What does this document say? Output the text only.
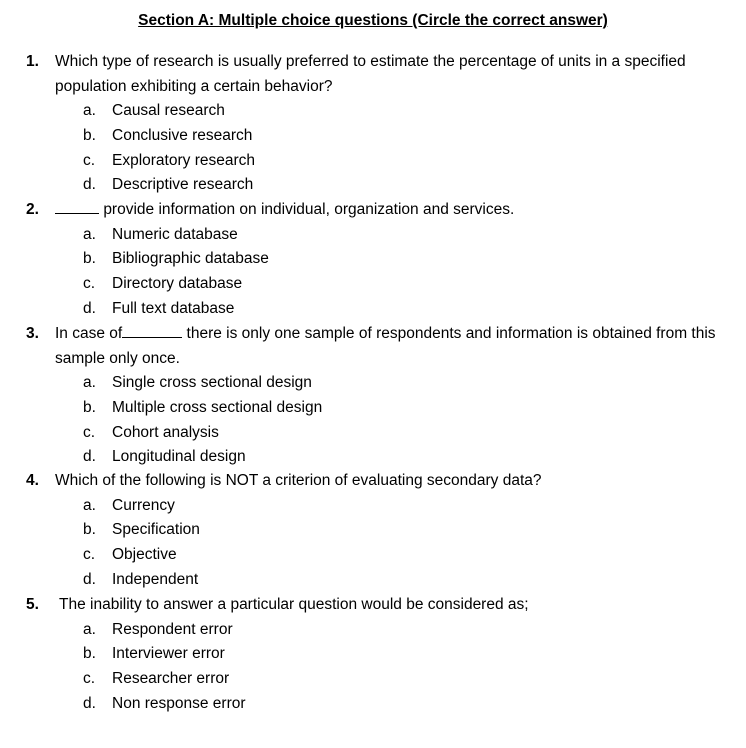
Section A: Multiple choice questions (Circle the correct answer)
1. Which type of research is usually preferred to estimate the percentage of units in a specified population exhibiting a certain behavior?
a.	Causal research
b.	Conclusive research
c.	Exploratory research
d.	Descriptive research
2.	provide information on individual, organization and services.
a.	Numeric database
b.	Bibliographic database
c.	Directory database
d.	Full text database
3. In case of	there is only one sample of respondents and information is obtained from this sample only once.
a.	Single cross sectional design
b.	Multiple cross sectional design
c.	Cohort analysis
d.	Longitudinal design
4. Which of the following is NOT a criterion of evaluating secondary data?
a.	Currency
b.	Specification
c.	Objective
d.	Independent
5. The inability to answer a particular question would be considered as;
a.	Respondent error
b.	Interviewer error
c.	Researcher error
d.	Non response error
